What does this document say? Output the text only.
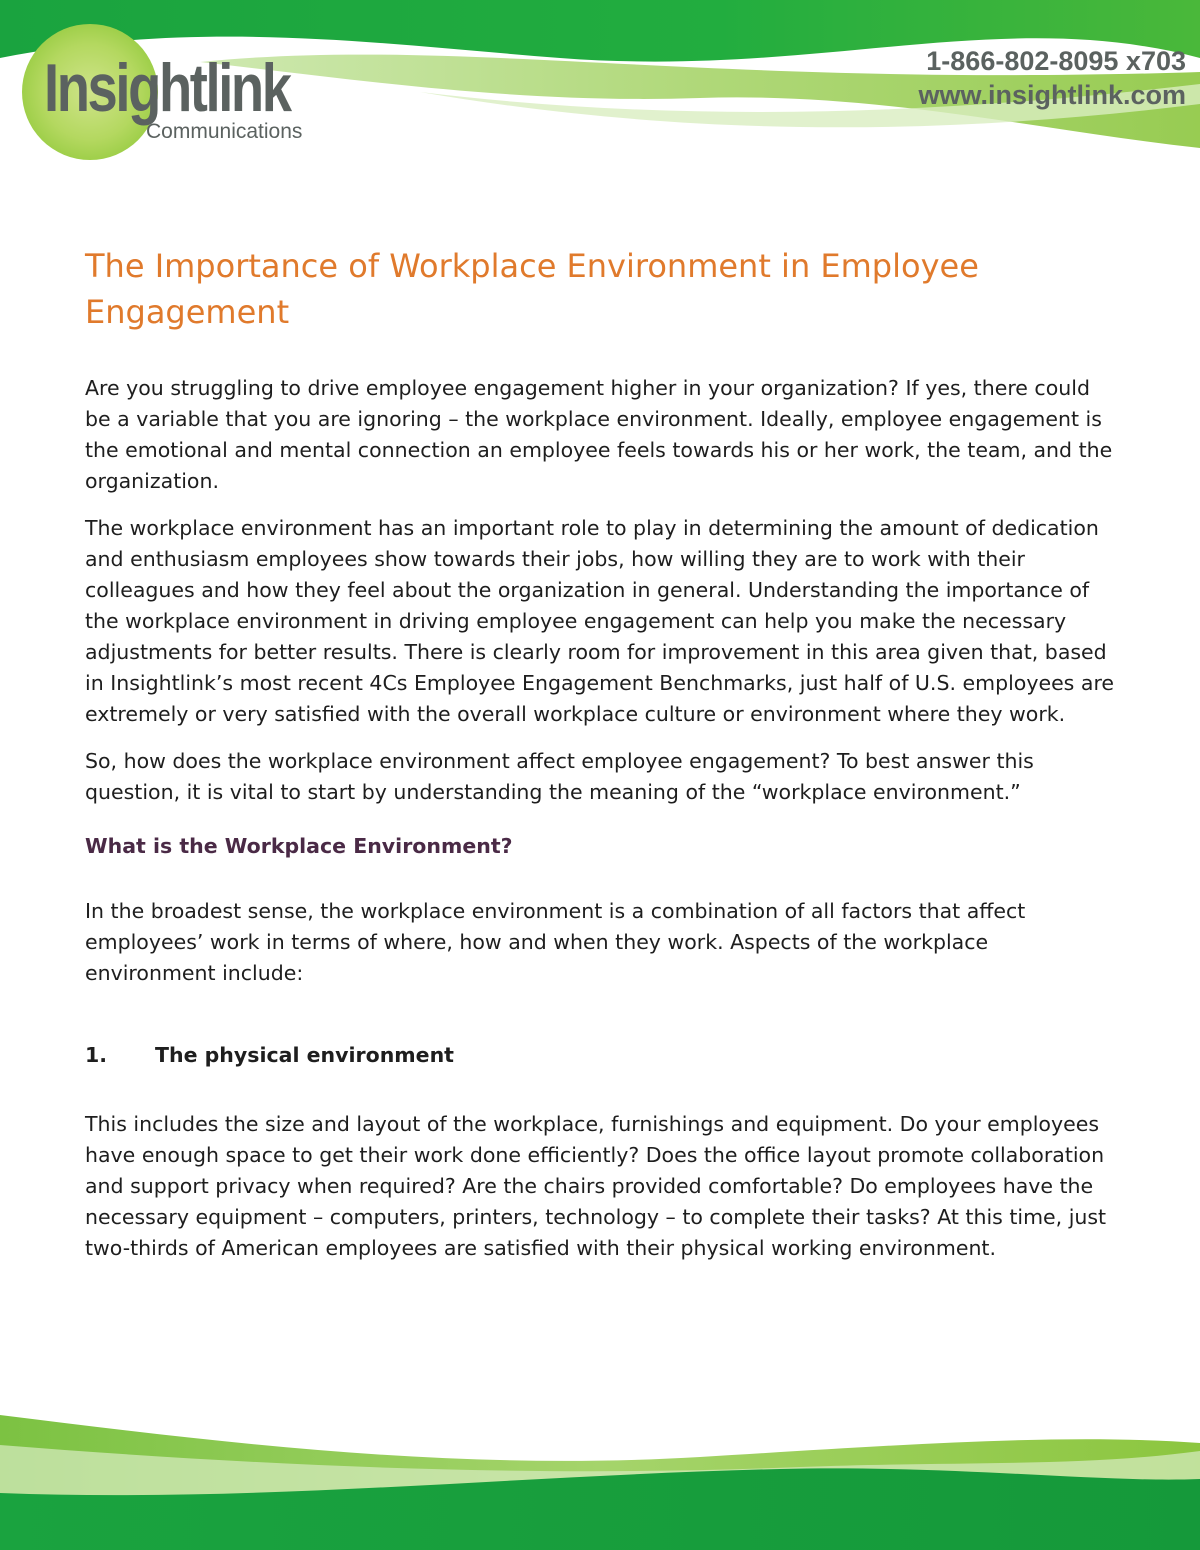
Insightlink
Communications
1-866-802-8095 x703
www.insightlink.com
The Importance of Workplace Environment in Employee Engagement

Are you struggling to drive employee engagement higher in your organization? If yes, there could be a variable that you are ignoring – the workplace environment. Ideally, employee engagement is the emotional and mental connection an employee feels towards his or her work, the team, and the organization.

The workplace environment has an important role to play in determining the amount of dedication and enthusiasm employees show towards their jobs, how willing they are to work with their colleagues and how they feel about the organization in general. Understanding the importance of the workplace environment in driving employee engagement can help you make the necessary adjustments for better results. There is clearly room for improvement in this area given that, based in Insightlink’s most recent 4Cs Employee Engagement Benchmarks, just half of U.S. employees are extremely or very satisfied with the overall workplace culture or environment where they work.

So, how does the workplace environment affect employee engagement? To best answer this question, it is vital to start by understanding the meaning of the “workplace environment.”

What is the Workplace Environment?

In the broadest sense, the workplace environment is a combination of all factors that affect employees’ work in terms of where, how and when they work. Aspects of the workplace environment include:

1. The physical environment

This includes the size and layout of the workplace, furnishings and equipment. Do your employees have enough space to get their work done efficiently? Does the office layout promote collaboration and support privacy when required? Are the chairs provided comfortable? Do employees have the necessary equipment – computers, printers, technology – to complete their tasks? At this time, just two-thirds of American employees are satisfied with their physical working environment.
